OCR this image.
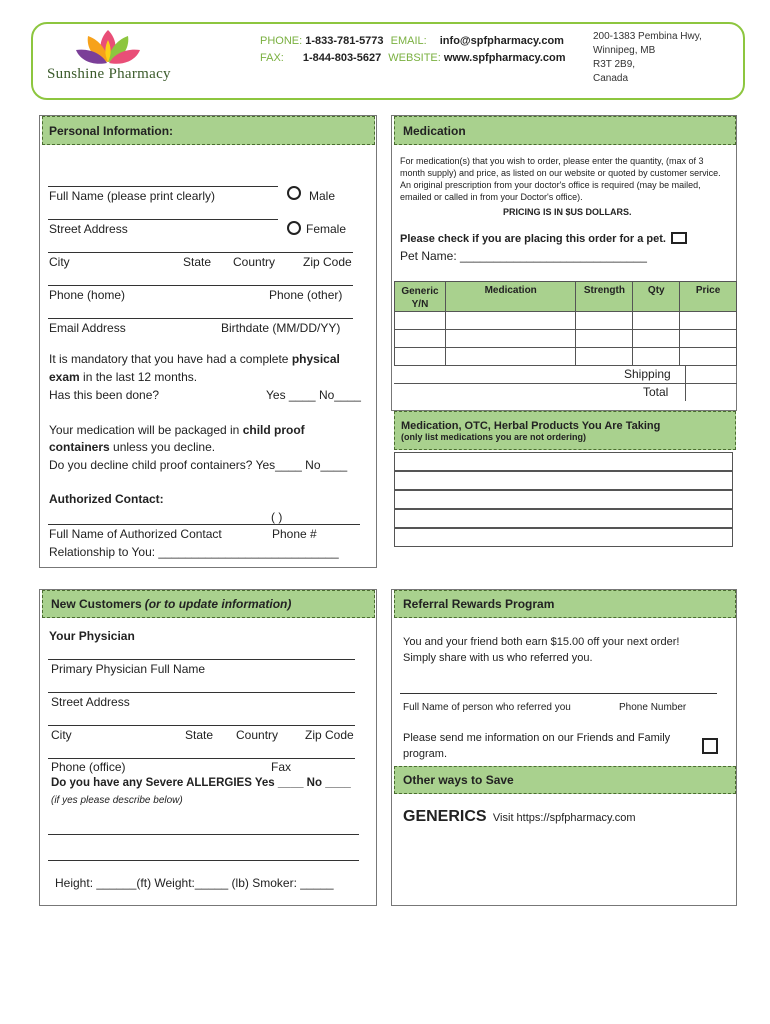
Sunshine Pharmacy
PHONE: 1-833-781-5773 EMAIL: info@spfpharmacy.com
FAX: 1-844-803-5627 WEBSITE: www.spfpharmacy.com
200-1383 Pembina Hwy,
Winnipeg, MB
R3T 2B9,
Canada
Personal Information:
Full Name (please print clearly)	Male
Street Address	Female
City	State Country Zip Code
Phone (home)	Phone (other)
Email Address	Birthdate (MM/DD/YY)
It is mandatory that you have had a complete physical
exam in the last 12 months.
Has this been done?	Yes ____ No____
Your medication will be packaged in child proof
containers unless you decline.
Do you decline child proof containers? Yes____ No____
Authorized Contact:
( )
Full Name of Authorized Contact	Phone #
Relationship to You: ___________________________
Medication
For medication(s) that you wish to order, please enter the quantity, (max of 3 month supply) and price, as listed on our website or quoted by customer service. An original prescription from your doctor's office is required (may be mailed, emailed or called in from your Doctor's office).
PRICING IS IN $US DOLLARS.
Please check if you are placing this order for a pet.
Pet Name: ____________________________
Generic Y/N	Medication	Strength	Qty	Price

Shipping
Total
Medication, OTC, Herbal Products You Are Taking
(only list medications you are not ordering)
New Customers (or to update information)
Your Physician
Primary Physician Full Name
Street Address
City	State Country Zip Code
Phone (office)	Fax
Do you have any Severe ALLERGIES Yes ____ No ____
(if yes please describe below)
Height: ______(ft) Weight:_____ (lb) Smoker: _____
Referral Rewards Program
You and your friend both earn $15.00 off your next order!
Simply share with us who referred you.
Full Name of person who referred you	Phone Number
Please send me information on our Friends and Family
program.
Other ways to Save
GENERICS Visit https://spfpharmacy.com
